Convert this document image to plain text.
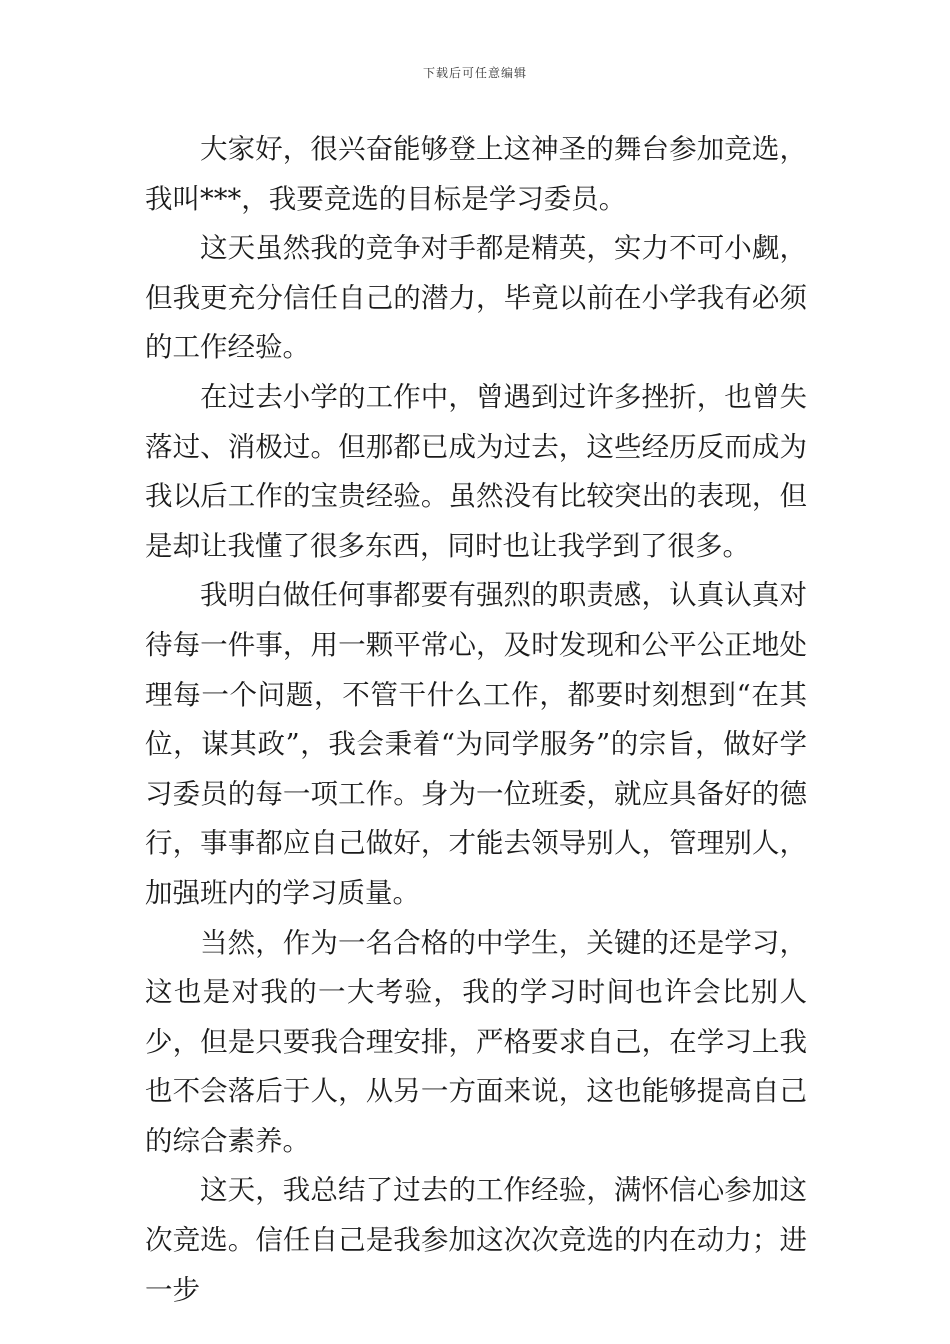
下载后可任意编辑

大家好，很兴奋能够登上这神圣的舞台参加竞选，我叫***，我要竞选的目标是学习委员。

这天虽然我的竞争对手都是精英，实力不可小觑，但我更充分信任自己的潜力，毕竟以前在小学我有必须的工作经验。

在过去小学的工作中，曾遇到过许多挫折，也曾失落过、消极过。但那都已成为过去，这些经历反而成为我以后工作的宝贵经验。虽然没有比较突出的表现，但是却让我懂了很多东西，同时也让我学到了很多。

我明白做任何事都要有强烈的职责感，认真认真对待每一件事，用一颗平常心，及时发现和公平公正地处理每一个问题，不管干什么工作，都要时刻想到“在其位，谋其政”，我会秉着“为同学服务”的宗旨，做好学习委员的每一项工作。身为一位班委，就应具备好的德行，事事都应自己做好，才能去领导别人，管理别人，加强班内的学习质量。

当然，作为一名合格的中学生，关键的还是学习，这也是对我的一大考验，我的学习时间也许会比别人少，但是只要我合理安排，严格要求自己，在学习上我也不会落后于人，从另一方面来说，这也能够提高自己的综合素养。

这天，我总结了过去的工作经验，满怀信心参加这次竞选。信任自己是我参加这次次竞选的内在动力；进一步
